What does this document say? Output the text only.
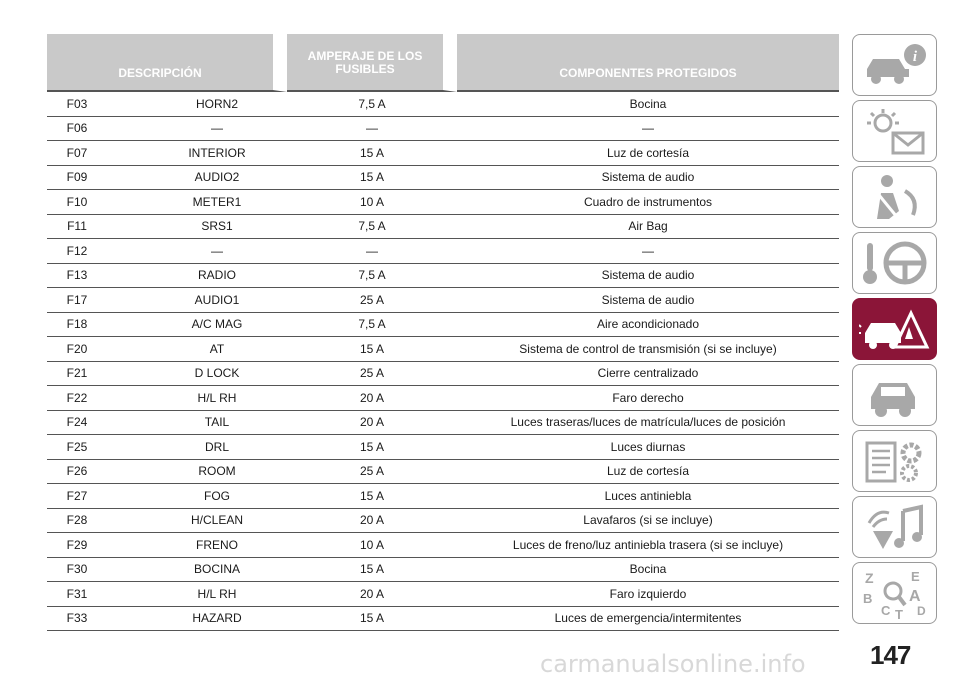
DESCRIPCIÓN		AMPERAJE DE LOS FUSIBLES	COMPONENTES PROTEGIDOS
F03	HORN2	7,5 A	Bocina
F06	—	—	—
F07	INTERIOR	15 A	Luz de cortesía
F09	AUDIO2	15 A	Sistema de audio
F10	METER1	10 A	Cuadro de instrumentos
F11	SRS1	7,5 A	Air Bag
F12	—	—	—
F13	RADIO	7,5 A	Sistema de audio
F17	AUDIO1	25 A	Sistema de audio
F18	A/C MAG	7,5 A	Aire acondicionado
F20	AT	15 A	Sistema de control de transmisión (si se incluye)
F21	D LOCK	25 A	Cierre centralizado
F22	H/L RH	20 A	Faro derecho
F24	TAIL	20 A	Luces traseras/luces de matrícula/luces de posición
F25	DRL	15 A	Luces diurnas
F26	ROOM	25 A	Luz de cortesía
F27	FOG	15 A	Luces antiniebla
F28	H/CLEAN	20 A	Lavafaros (si se incluye)
F29	FRENO	10 A	Luces de freno/luz antiniebla trasera (si se incluye)
F30	BOCINA	15 A	Bocina
F31	H/L RH	20 A	Faro izquierdo
F33	HAZARD	15 A	Luces de emergencia/intermitentes
i
Z	E
B A
C D
T
147
carmanualsonline.info
